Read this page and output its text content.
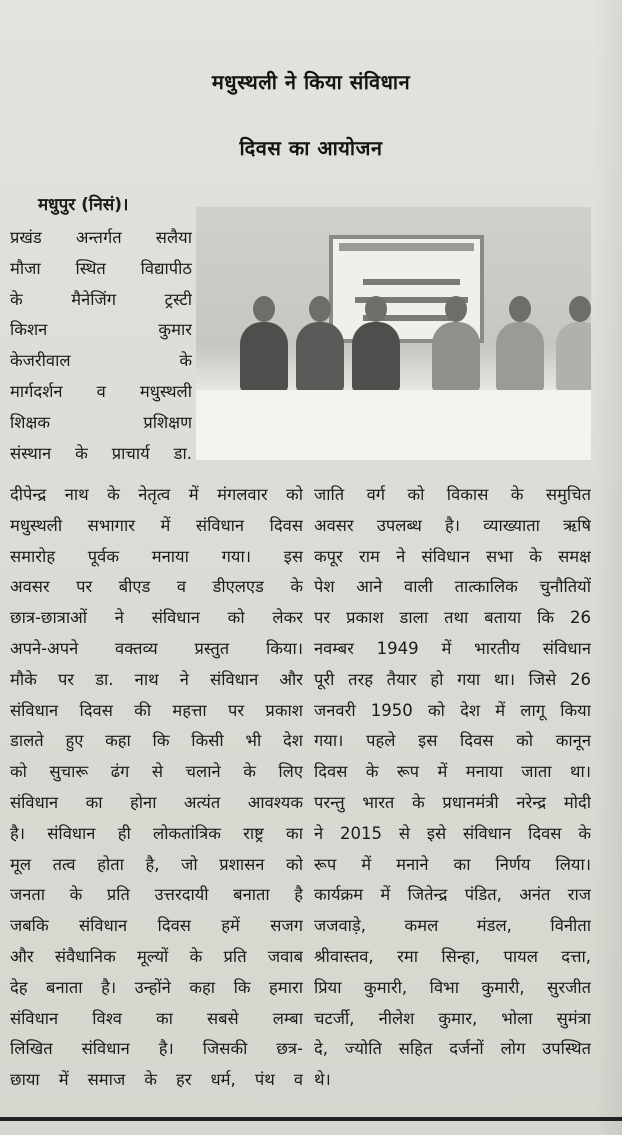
मधुस्थली ने किया संविधान
दिवस का आयोजन
मधुपुर (निसं)।
प्रखंड अन्तर्गत सलैया
मौजा स्थित विद्यापीठ
के मैनेजिंग ट्रस्टी
किशन कुमार
केजरीवाल के
मार्गदर्शन व मधुस्थली
शिक्षक प्रशिक्षण
संस्थान के प्राचार्य डा.
दीपेन्द्र नाथ के नेतृत्व में मंगलवार को
मधुस्थली सभागार में संविधान दिवस
समारोह पूर्वक मनाया गया। इस
अवसर पर बीएड व डीएलएड के
छात्र-छात्राओं ने संविधान को लेकर
अपने-अपने वक्तव्य प्रस्तुत किया।
मौके पर डा. नाथ ने संविधान और
संविधान दिवस की महत्ता पर प्रकाश
डालते हुए कहा कि किसी भी देश
को सुचारू ढंग से चलाने के लिए
संविधान का होना अत्यंत आवश्यक
है। संविधान ही लोकतांत्रिक राष्ट्र का
मूल तत्व होता है, जो प्रशासन को
जनता के प्रति उत्तरदायी बनाता है
जबकि संविधान दिवस हमें सजग
और संवैधानिक मूल्यों के प्रति जवाब
देह बनाता है। उन्होंने कहा कि हमारा
संविधान विश्व का सबसे लम्बा
लिखित संविधान है। जिसकी छत्र-
छाया में समाज के हर धर्म, पंथ व
जाति वर्ग को विकास के समुचित
अवसर उपलब्ध है। व्याख्याता ऋषि
कपूर राम ने संविधान सभा के समक्ष
पेश आने वाली तात्कालिक चुनौतियों
पर प्रकाश डाला तथा बताया कि 26
नवम्बर 1949 में भारतीय संविधान
पूरी तरह तैयार हो गया था। जिसे 26
जनवरी 1950 को देश में लागू किया
गया। पहले इस दिवस को कानून
दिवस के रूप में मनाया जाता था।
परन्तु भारत के प्रधानमंत्री नरेन्द्र मोदी
ने 2015 से इसे संविधान दिवस के
रूप में मनाने का निर्णय लिया।
कार्यक्रम में जितेन्द्र पंडित, अनंत राज
जजवाड़े, कमल मंडल, विनीता
श्रीवास्तव, रमा सिन्हा, पायल दत्ता,
प्रिया कुमारी, विभा कुमारी, सुरजीत
चटर्जी, नीलेश कुमार, भोला सुमंत्रा
दे, ज्योति सहित दर्जनों लोग उपस्थित
थे।
